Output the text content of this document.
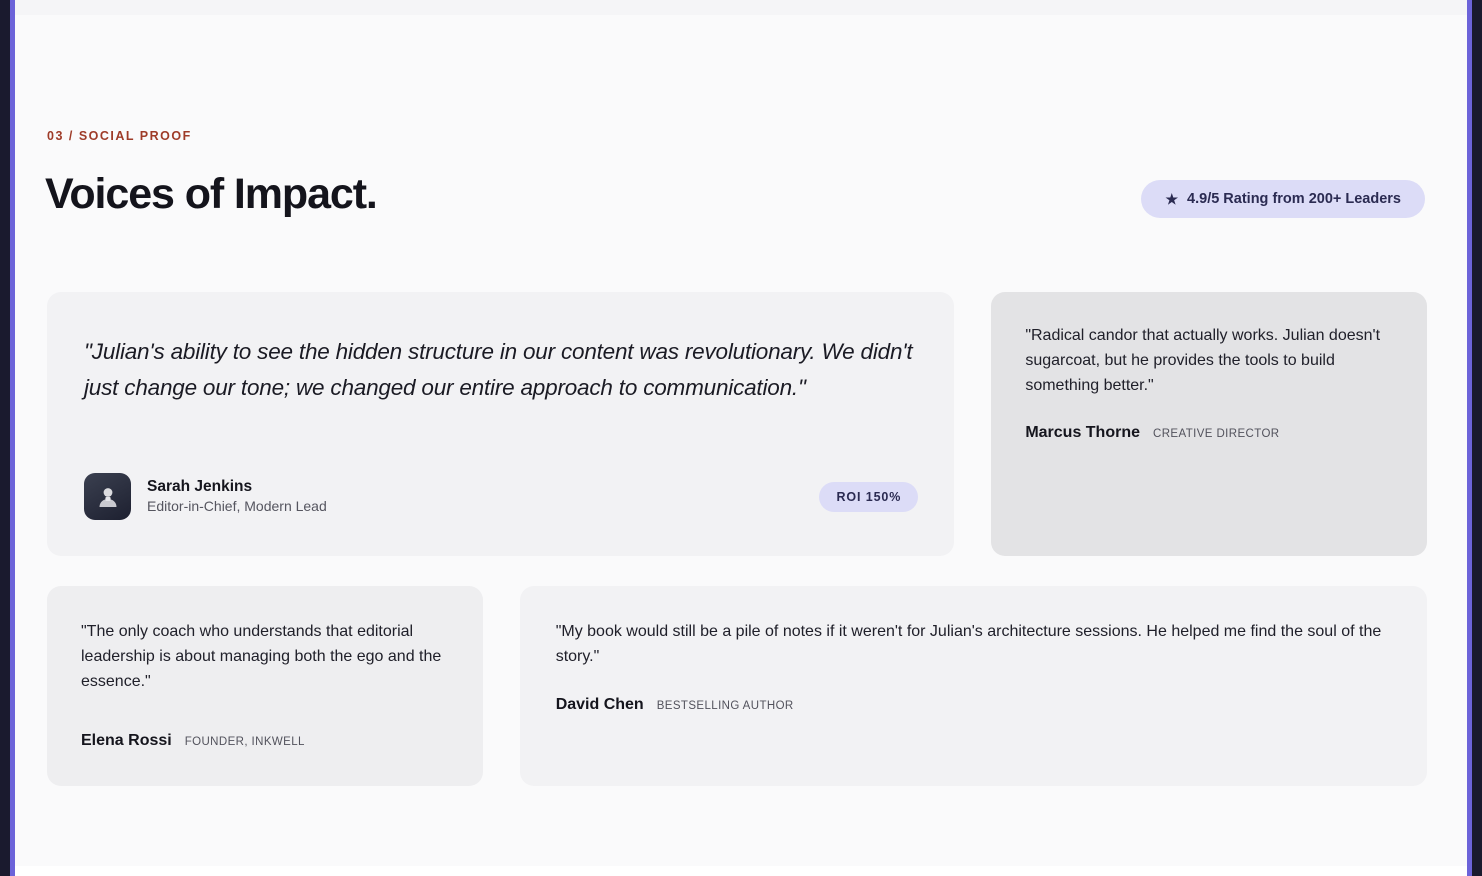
03 / SOCIAL PROOF
Voices of Impact.	★ 4.9/5 Rating from 200+ Leaders

"Julian's ability to see the hidden structure in our content was revolutionary. We didn't just change our tone; we changed our entire approach to communication."

Sarah Jenkins
Editor-in-Chief, Modern Lead
ROI 150%

"Radical candor that actually works. Julian doesn't sugarcoat, but he provides the tools to build something better."

Marcus Thorne CREATIVE DIRECTOR

"The only coach who understands that editorial leadership is about managing both the ego and the essence."

Elena Rossi FOUNDER, INKWELL

"My book would still be a pile of notes if it weren't for Julian's architecture sessions. He helped me find the soul of the story."

David Chen BESTSELLING AUTHOR
